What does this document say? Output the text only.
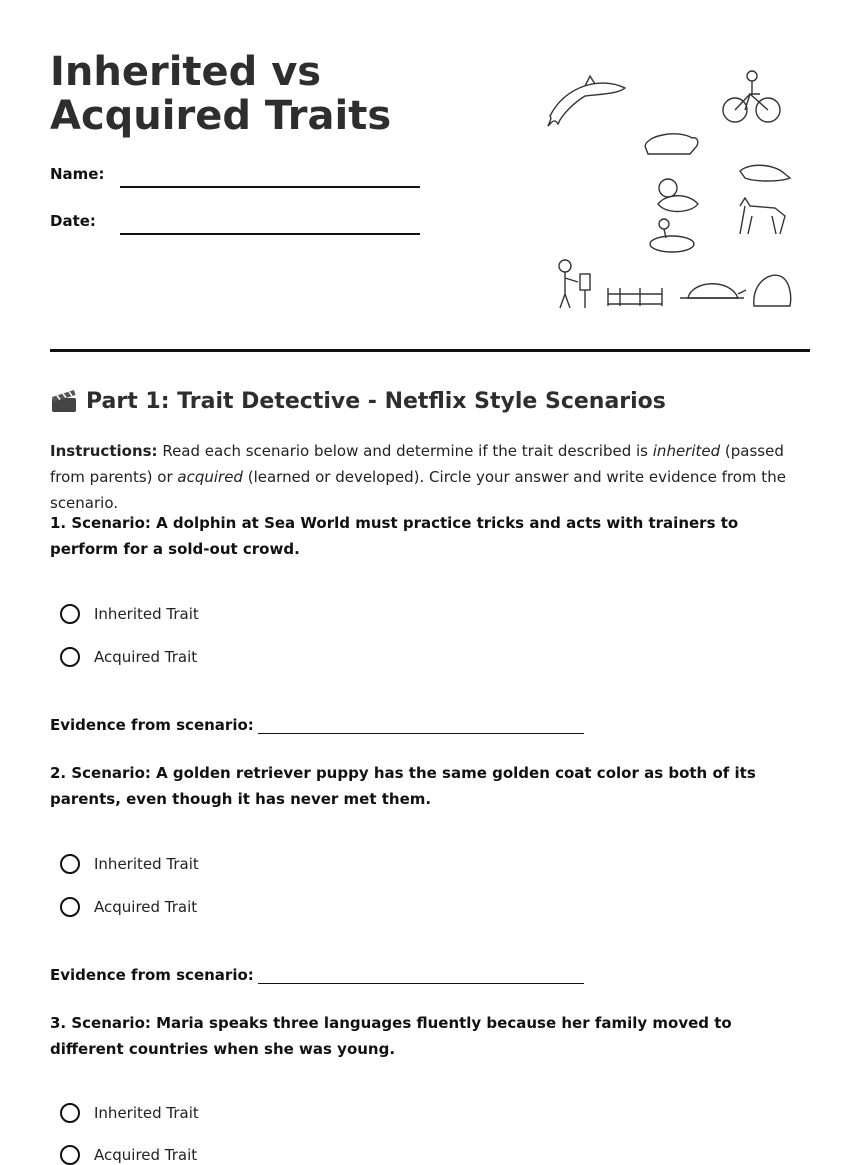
Inherited vs Acquired Traits
Name:
Date:
Part 1: Trait Detective - Netflix Style Scenarios
Instructions: Read each scenario below and determine if the trait described is inherited (passed from parents) or acquired (learned or developed). Circle your answer and write evidence from the scenario.
1. Scenario: A dolphin at Sea World must practice tricks and acts with trainers to perform for a sold-out crowd.
Inherited Trait
Acquired Trait
Evidence from scenario:
2. Scenario: A golden retriever puppy has the same golden coat color as both of its parents, even though it has never met them.
Inherited Trait
Acquired Trait
Evidence from scenario:
3. Scenario: Maria speaks three languages fluently because her family moved to different countries when she was young.
Inherited Trait
Acquired Trait
